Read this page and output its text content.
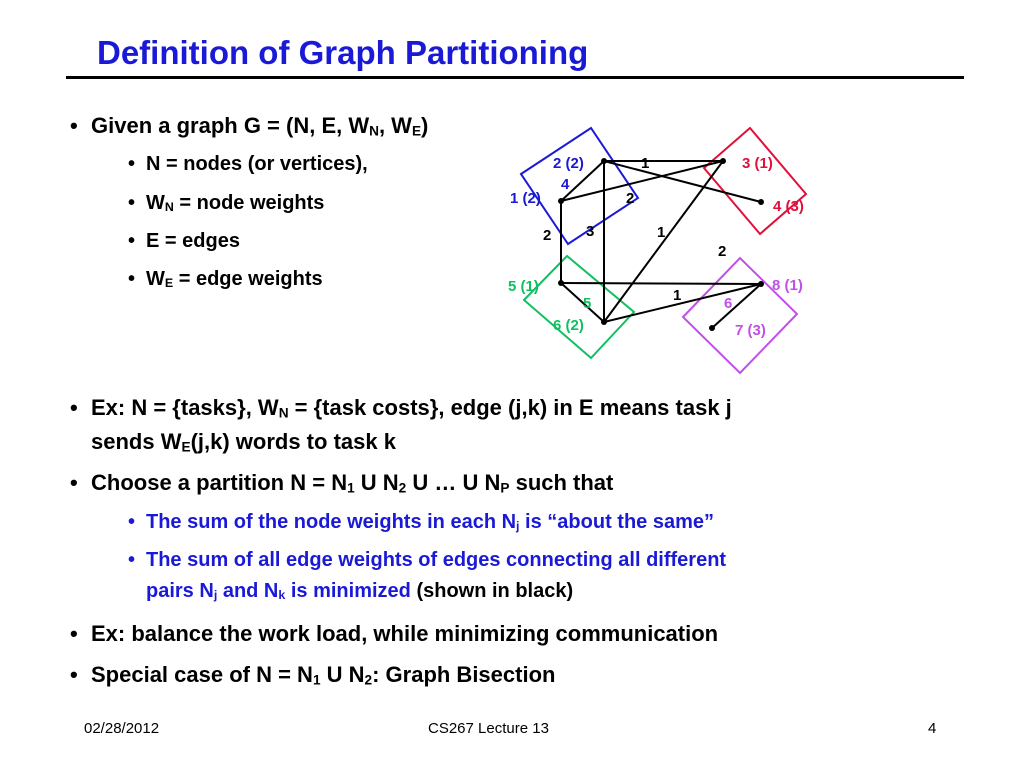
Definition of Graph Partitioning
• Given a graph G = (N, E, $W_N$, $W_E$)
• N = nodes (or vertices),
• $W_N$ = node weights
• E = edges
• $W_E$ = edge weights
2 (2)
1 (2)
3 (1)
4 (3)
5 (1)
6 (2)
8 (1)
7 (3)
1
4
2
3
2	1
2
1
5	6
• Ex: N = {tasks}, $W_N$ = {task costs}, edge (j,k) in E means task j
sends $W_E(j,k)$ words to task k
• Choose a partition $N = N_1$ U $N_2$ U … U $N_P$ such that
• The sum of the node weights in each $N_j$ is “about the same”
• The sum of all edge weights of edges connecting all different
pairs $N_j$ and $N_k$ is minimized (shown in black)
• Ex: balance the work load, while minimizing communication
• Special case of $N = N_1$ U $N_2$: Graph Bisection
02/28/2012	CS267 Lecture 13	4
